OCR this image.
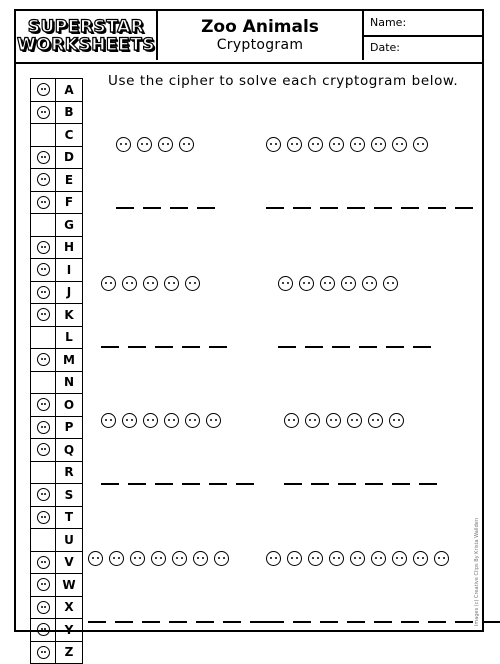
SUPERSTAR
WORKSHEETS
Zoo Animals
Cryptogram
Name:
Date:
Use the cipher to solve each cryptogram below.
A
B
C
D
E
F
G
H
I
J
K
L
M
N
O
P
Q
R
S
T
U
V
W
X
Y
Z
Images (c) Creative Clips By Krista Wallden
